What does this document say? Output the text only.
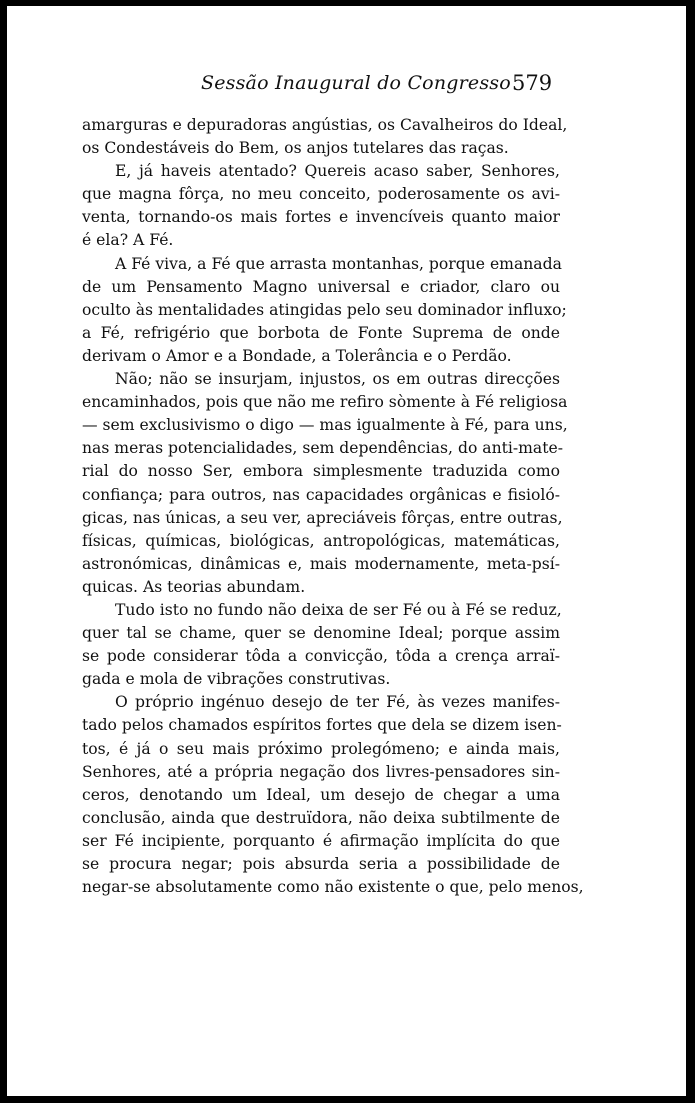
Sessão Inaugural do Congresso 579
amarguras e depuradoras angústias, os Cavalheiros do Ideal,
os Condestáveis do Bem, os anjos tutelares das raças.
E, já haveis atentado? Quereis acaso saber, Senhores,
que magna fôrça, no meu conceito, poderosamente os avi-
venta, tornando-os mais fortes e invencíveis quanto maior
é ela? A Fé.
A Fé viva, a Fé que arrasta montanhas, porque emanada
de um Pensamento Magno universal e criador, claro ou
oculto às mentalidades atingidas pelo seu dominador influxo;
a Fé, refrigério que borbota de Fonte Suprema de onde
derivam o Amor e a Bondade, a Tolerância e o Perdão.
Não; não se insurjam, injustos, os em outras direcções
encaminhados, pois que não me refiro sòmente à Fé religiosa
— sem exclusivismo o digo — mas igualmente à Fé, para uns,
nas meras potencialidades, sem dependências, do anti-mate-
rial do nosso Ser, embora simplesmente traduzida como
confiança; para outros, nas capacidades orgânicas e fisioló-
gicas, nas únicas, a seu ver, apreciáveis fôrças, entre outras,
físicas, químicas, biológicas, antropológicas, matemáticas,
astronómicas, dinâmicas e, mais modernamente, meta-psí-
quicas. As teorias abundam.
Tudo isto no fundo não deixa de ser Fé ou à Fé se reduz,
quer tal se chame, quer se denomine Ideal; porque assim
se pode considerar tôda a convicção, tôda a crença arraï-
gada e mola de vibrações construtivas.
O próprio ingénuo desejo de ter Fé, às vezes manifes-
tado pelos chamados espíritos fortes que dela se dizem isen-
tos, é já o seu mais próximo prolegómeno; e ainda mais,
Senhores, até a própria negação dos livres-pensadores sin-
ceros, denotando um Ideal, um desejo de chegar a uma
conclusão, ainda que destruïdora, não deixa subtilmente de
ser Fé incipiente, porquanto é afirmação implícita do que
se procura negar; pois absurda seria a possibilidade de
negar-se absolutamente como não existente o que, pelo menos,
